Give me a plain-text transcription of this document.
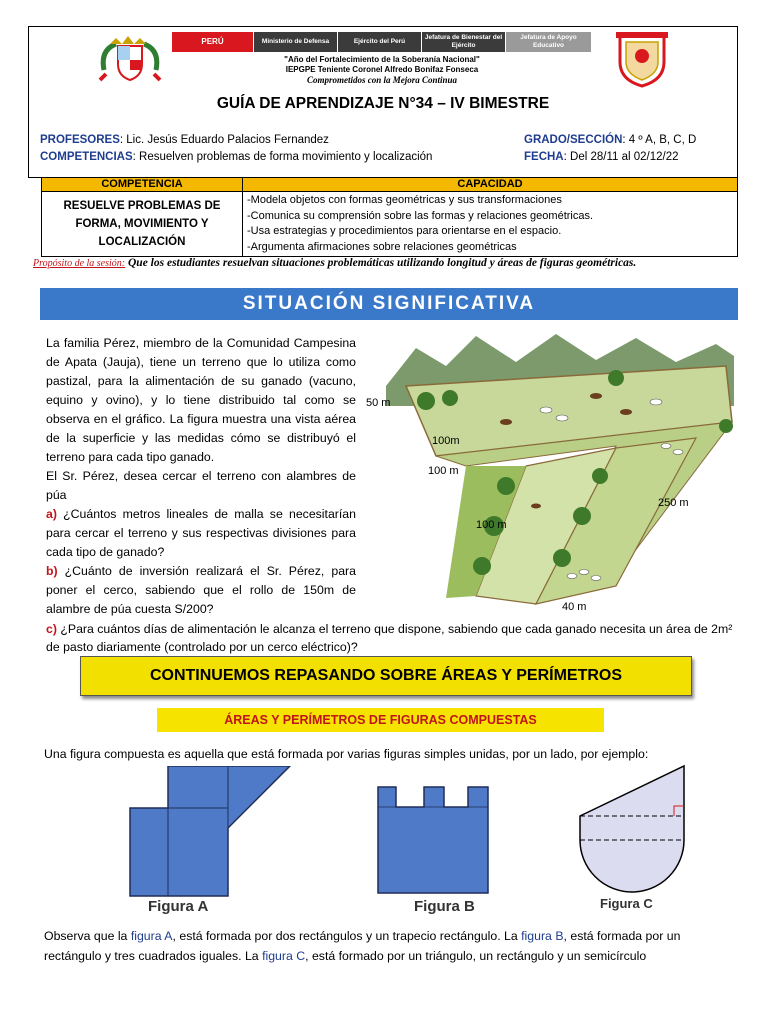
PERÚ	Ministerio de Defensa	Ejército del Perú
Jefatura de Bienestar del Ejército
Jefatura de Apoyo Educativo
"Año del Fortalecimiento de la Soberanía Nacional"
IEPGPE Teniente Coronel Alfredo Bonifaz Fonseca
Comprometidos con la Mejora Continua
GUÍA DE APRENDIZAJE N°34 – IV BIMESTRE
PROFESORES: Lic. Jesús Eduardo Palacios Fernandez	GRADO/SECCIÓN: 4 º A, B, C, D
COMPETENCIAS: Resuelven problemas de forma movimiento y localización	FECHA: Del 28/11 al 02/12/22
COMPETENCIA	CAPACIDAD
RESUELVE PROBLEMAS DE FORMA, MOVIMIENTO Y LOCALIZACIÓN	-Modela objetos con formas geométricas y sus transformaciones
-Comunica su comprensión sobre las formas y relaciones geométricas.
-Usa estrategias y procedimientos para orientarse en el espacio.
-Argumenta afirmaciones sobre relaciones geométricas
Propósito de la sesión: Que los estudiantes resuelvan situaciones problemáticas utilizando longitud y áreas de figuras geométricas.
SITUACIÓN SIGNIFICATIVA

La familia Pérez, miembro de la Comunidad Campesina de Apata (Jauja), tiene un terreno que lo utiliza como pastizal, para la alimentación de su ganado (vacuno, equino y ovino), y lo tiene distribuido tal como se observa en el gráfico. La figura muestra una vista aérea de la superficie y las medidas cómo se distribuyó el terreno para cada tipo ganado.

El Sr. Pérez, desea cercar el terreno con alambres de púa

a) ¿Cuántos metros lineales de malla se necesitarían para cercar el terreno y sus respectivas divisiones para cada tipo de ganado?

b) ¿Cuánto de inversión realizará el Sr. Pérez, para poner el cerco, sabiendo que el rollo de 150m de alambre de púa cuesta S/200?

50 m
100m
100 m
100 m
250 m
40 m
c) ¿Para cuántos días de alimentación le alcanza el terreno que dispone, sabiendo que cada ganado necesita un área de 2m² de pasto diariamente (controlado por un cerco eléctrico)?
CONTINUEMOS REPASANDO SOBRE ÁREAS Y PERÍMETROS
ÁREAS Y PERÍMETROS DE FIGURAS COMPUESTAS
Una figura compuesta es aquella que está formada por varias figuras simples unidas, por un lado, por ejemplo:
Figura A	Figura B	Figura C
Observa que la figura A, está formada por dos rectángulos y un trapecio rectángulo. La figura B, está formada por un rectángulo y tres cuadrados iguales. La figura C, está formado por un triángulo, un rectángulo y un semicírculo
